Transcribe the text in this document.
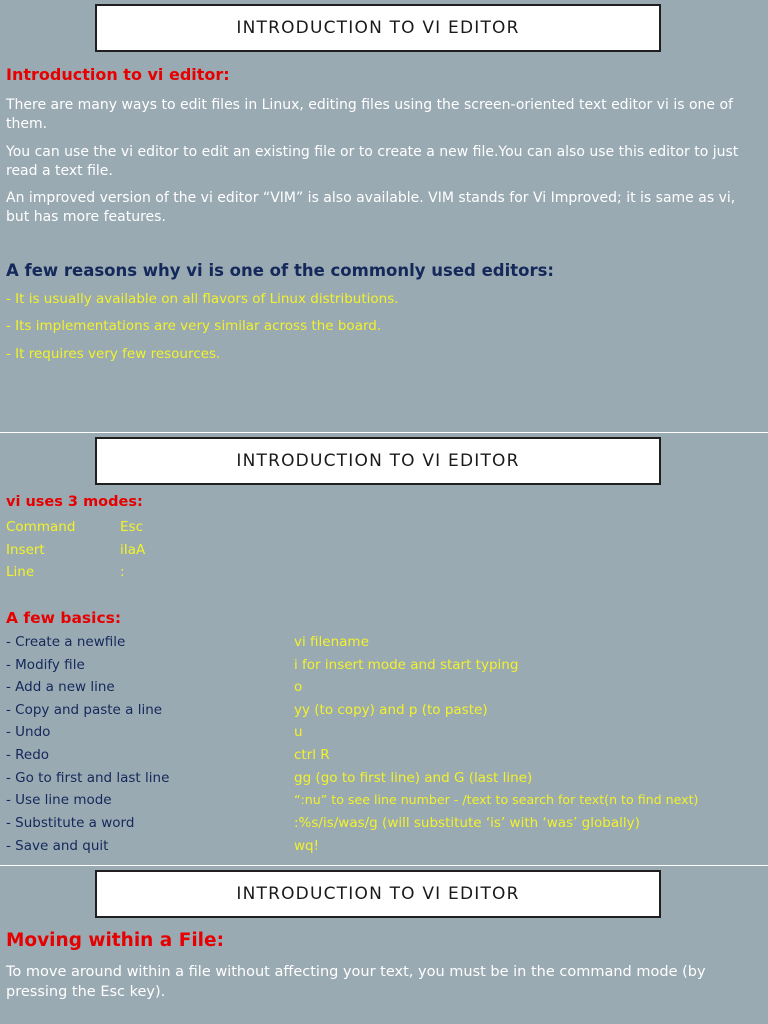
INTRODUCTION TO VI EDITOR
Introduction to vi editor:
There are many ways to edit files in Linux, editing files using the screen-oriented text editor vi is one of them.
You can use the vi editor to edit an existing file or to create a new file.You can also use this editor to just read a text file.
An improved version of the vi editor “VIM” is also available. VIM stands for Vi Improved; it is same as vi, but has more features.
A few reasons why vi is one of the commonly used editors:
- It is usually available on all flavors of Linux distributions.
- Its implementations are very similar across the board.
- It requires very few resources.
INTRODUCTION TO VI EDITOR
vi uses 3 modes:
Command	Esc
Insert	iIaA
Line	:
A few basics:
- Create a newfile	vi filename
- Modify file	i for insert mode and start typing
- Add a new line	o
- Copy and paste a line	yy (to copy) and p (to paste)
- Undo	u
- Redo	ctrl R
- Go to first and last line	gg (go to first line) and G (last line)
- Use line mode	“:nu” to see line number - /text to search for text(n to find next)
- Substitute a word	:%s/is/was/g (will substitute ‘is’ with ‘was’ globally)
- Save and quit	wq!
INTRODUCTION TO VI EDITOR
Moving within a File:
To move around within a file without affecting your text, you must be in the command mode (by pressing the Esc key).
